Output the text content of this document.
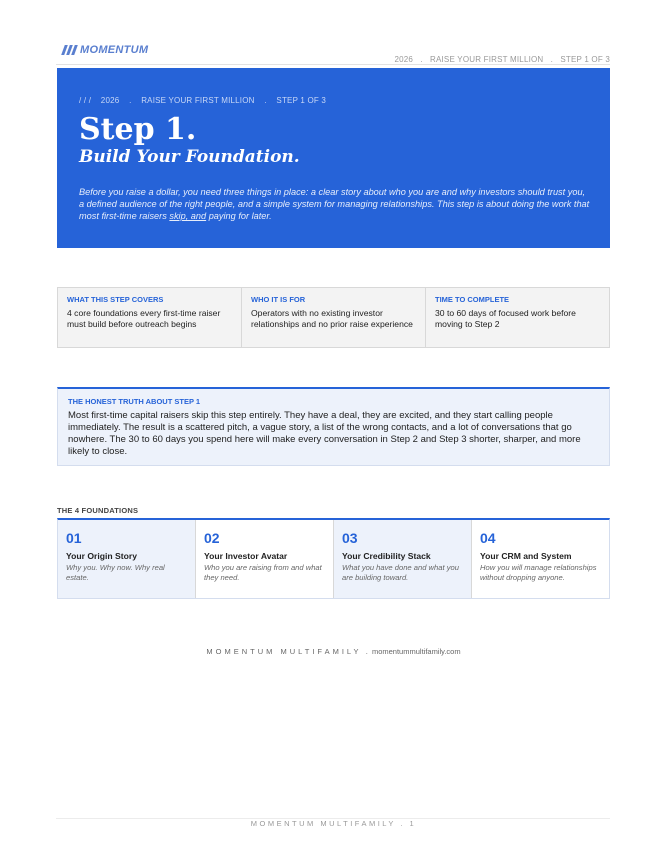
MOMENTUM
2026   .   RAISE YOUR FIRST MILLION   .   STEP 1 OF 3
/ / /    2026    .    RAISE YOUR FIRST MILLION    .    STEP 1 OF 3
Step 1.
Build Your Foundation.

Before you raise a dollar, you need three things in place: a clear story about who you are and why investors should trust you, a defined audience of the right people, and a simple system for managing relationships. This step is about doing the work that most first-time raisers skip, and paying for later.

WHAT THIS STEP COVERS
4 core foundations every first-time raiser must build before outreach begins
WHO IT IS FOR
Operators with no existing investor relationships and no prior raise experience
TIME TO COMPLETE
30 to 60 days of focused work before moving to Step 2
THE HONEST TRUTH ABOUT STEP 1

Most first-time capital raisers skip this step entirely. They have a deal, they are excited, and they start calling people immediately. The result is a scattered pitch, a vague story, a list of the wrong contacts, and a lot of conversations that go nowhere. The 30 to 60 days you spend here will make every conversation in Step 2 and Step 3 shorter, sharper, and more likely to close.

THE 4 FOUNDATIONS
01
Your Origin Story
Why you. Why now. Why real estate.
02
Your Investor Avatar
Who you are raising from and what they need.
03
Your Credibility Stack
What you have done and what you are building toward.
04
Your CRM and System
How you will manage relationships without dropping anyone.
MOMENTUM MULTIFAMILY . momentummultifamily.com
MOMENTUM MULTIFAMILY . 1
